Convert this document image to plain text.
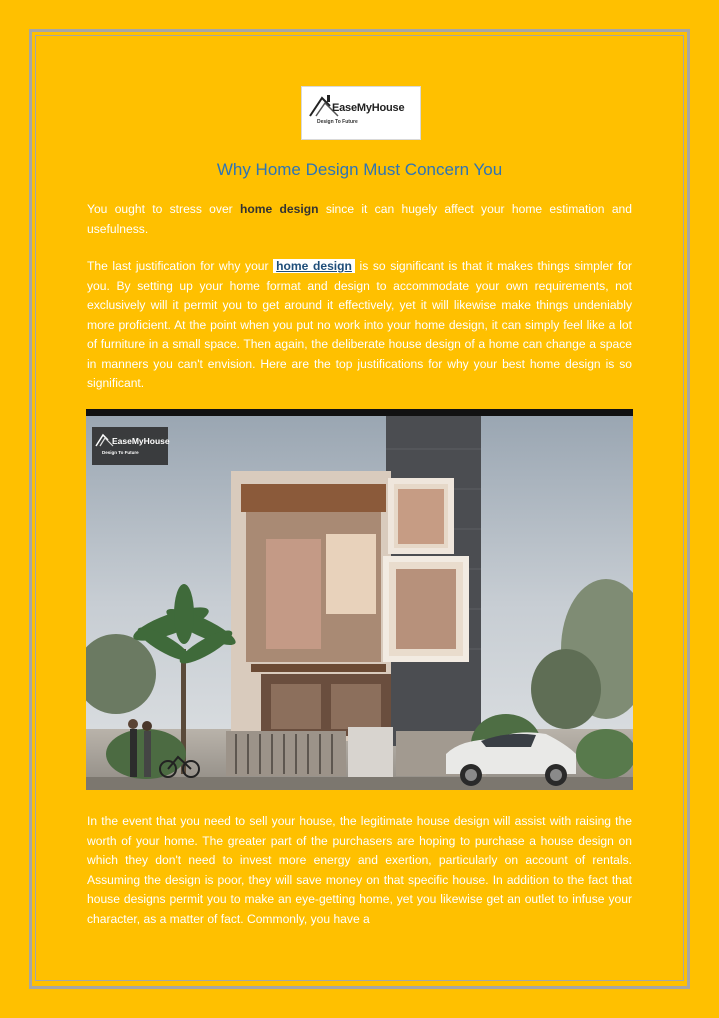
EaseMyHouse
Design To Future
Why Home Design Must Concern You

You ought to stress over home design since it can hugely affect your home estimation and usefulness.

The last justification for why your home design is so significant is that it makes things simpler for you. By setting up your home format and design to accommodate your own requirements, not exclusively will it permit you to get around it effectively, yet it will likewise make things undeniably more proficient. At the point when you put no work into your home design, it can simply feel like a lot of furniture in a small space. Then again, the deliberate house design of a home can change a space in manners you can't envision. Here are the top justifications for why your best home design is so significant.

EaseMyHouse
Design To Future

In the event that you need to sell your house, the legitimate house design will assist with raising the worth of your home. The greater part of the purchasers are hoping to purchase a house design on which they don't need to invest more energy and exertion, particularly on account of rentals. Assuming the design is poor, they will save money on that specific house. In addition to the fact that house designs permit you to make an eye-getting home, yet you likewise get an outlet to infuse your character, as a matter of fact. Commonly, you have a
